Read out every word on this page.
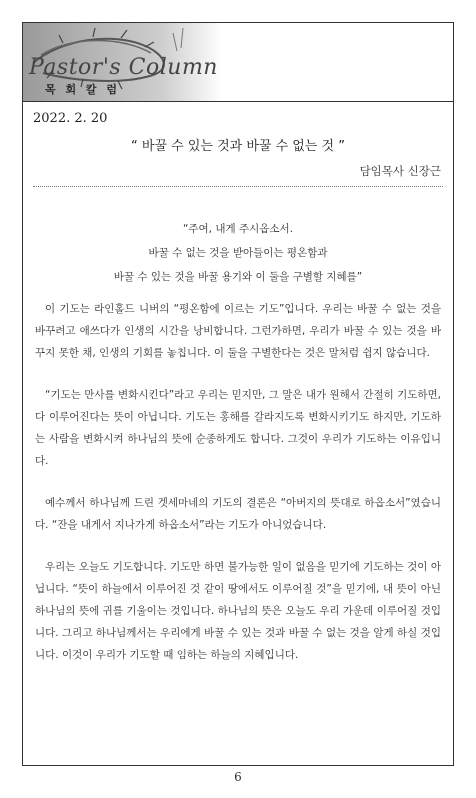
Pastor's Column
목 회 칼 럼
2022. 2. 20
“ 바꿀 수 있는 것과 바꿀 수 없는 것 ”
담임목사 신장근
“주여, 내게 주시옵소서.
바꿀 수 없는 것을 받아들이는 평온함과
바꿀 수 있는 것을 바꿀 용기와 이 둘을 구별할 지혜를”

이 기도는 라인홀드 니버의 “평온함에 이르는 기도”입니다. 우리는 바꿀 수 없는 것을 바꾸려고 애쓰다가 인생의 시간을 낭비합니다. 그런가하면, 우리가 바꿀 수 있는 것을 바꾸지 못한 채, 인생의 기회를 놓칩니다. 이 둘을 구별한다는 것은 말처럼 쉽지 않습니다.

“기도는 만사를 변화시킨다”라고 우리는 믿지만, 그 말은 내가 원해서 간절히 기도하면, 다 이루어진다는 뜻이 아닙니다. 기도는 홍해를 갈라지도록 변화시키기도 하지만, 기도하는 사람을 변화시켜 하나님의 뜻에 순종하게도 합니다. 그것이 우리가 기도하는 이유입니다.

예수께서 하나님께 드린 겟세마네의 기도의 결론은 “아버지의 뜻대로 하옵소서”였습니다. “잔을 내게서 지나가게 하옵소서”라는 기도가 아니었습니다.

우리는 오늘도 기도합니다. 기도만 하면 불가능한 일이 없음을 믿기에 기도하는 것이 아닙니다. “뜻이 하늘에서 이루어진 것 같이 땅에서도 이루어질 것”을 믿기에, 내 뜻이 아닌 하나님의 뜻에 귀를 기울이는 것입니다. 하나님의 뜻은 오늘도 우리 가운데 이루어질 것입니다. 그리고 하나님께서는 우리에게 바꿀 수 있는 것과 바꿀 수 없는 것을 알게 하실 것입니다. 이것이 우리가 기도할 때 임하는 하늘의 지혜입니다.

6
